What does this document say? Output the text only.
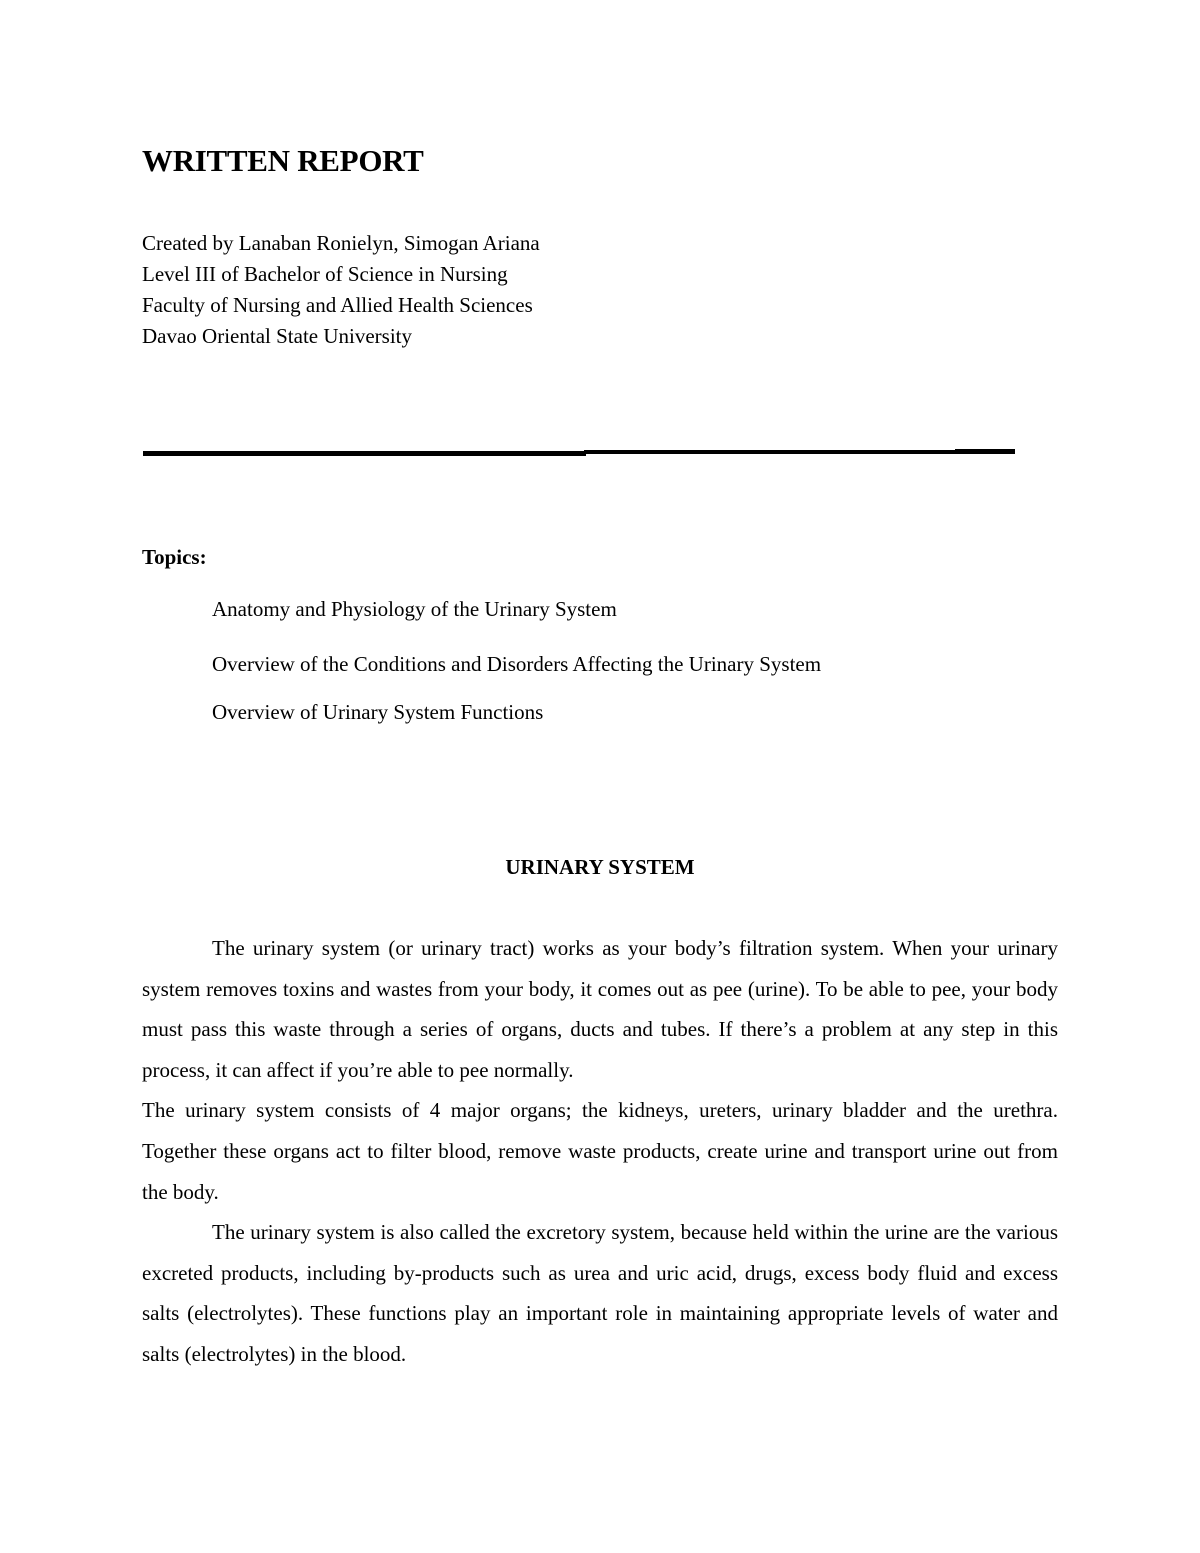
WRITTEN REPORT
Created by Lanaban Ronielyn, Simogan Ariana
Level III of Bachelor of Science in Nursing
Faculty of Nursing and Allied Health Sciences
Davao Oriental State University
Topics:
Anatomy and Physiology of the Urinary System
Overview of the Conditions and Disorders Affecting the Urinary System
Overview of Urinary System Functions
URINARY SYSTEM

The urinary system (or urinary tract) works as your body’s filtration system. When your urinary system removes toxins and wastes from your body, it comes out as pee (urine). To be able to pee, your body must pass this waste through a series of organs, ducts and tubes. If there’s a problem at any step in this process, it can affect if you’re able to pee normally.

The urinary system consists of 4 major organs; the kidneys, ureters, urinary bladder and the urethra. Together these organs act to filter blood, remove waste products, create urine and transport urine out from the body.

The urinary system is also called the excretory system, because held within the urine are the various excreted products, including by-products such as urea and uric acid, drugs, excess body fluid and excess salts (electrolytes). These functions play an important role in maintaining appropriate levels of water and salts (electrolytes) in the blood.
